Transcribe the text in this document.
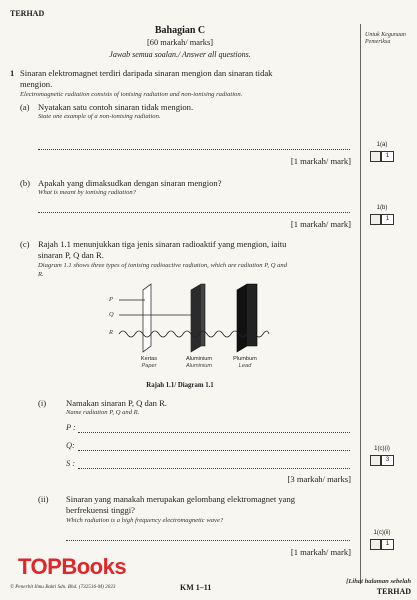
TERHAD
Bahagian C
[60 markah/ marks]
Jawab semua soalan./ Answer all questions.
Untuk Kegunaan Pemeriksa
1 Sinaran elektromagnet terdiri daripada sinaran mengion dan sinaran tidak
mengion.
Electromagnetic radiation consists of ionising radiation and non-ionising radiation.
(a) Nyatakan satu contoh sinaran tidak mengion.
State one example of a non-ionising radiation.
[1 markah/ mark]
1(a)
1
(b) Apakah yang dimaksudkan dengan sinaran mengion?
What is meant by ionising radiation?
[1 markah/ mark]
1(b)
1
(c) Rajah 1.1 menunjukkan tiga jenis sinaran radioaktif yang mengion, iaitu
sinaran P, Q dan R.
Diagram 1.1 shows three types of ionising radioactive radiation, which are radiation P, Q and
R.
P
Q
R
Kertas
Paper
Aluminium
Aluminium
Plumbum
Lead
Rajah 1.1/ Diagram 1.1
(i) Namakan sinaran P, Q dan R.
Name radiation P, Q and R.
P :
Q:
S :
[3 markah/ marks]
1(c)(i)
3
(ii) Sinaran yang manakah merupakan gelombang elektromagnet yang
berfrekuensi tinggi?
Which radiation is a high frequency electromagnetic wave?
[1 markah/ mark]
1(c)(ii)
1
TOPBooks
© Penerbit Ilmu Bakti Sdn. Bhd. (732516-M) 2023	KM 1–11
[Lihat halaman sebelah
TERHAD
